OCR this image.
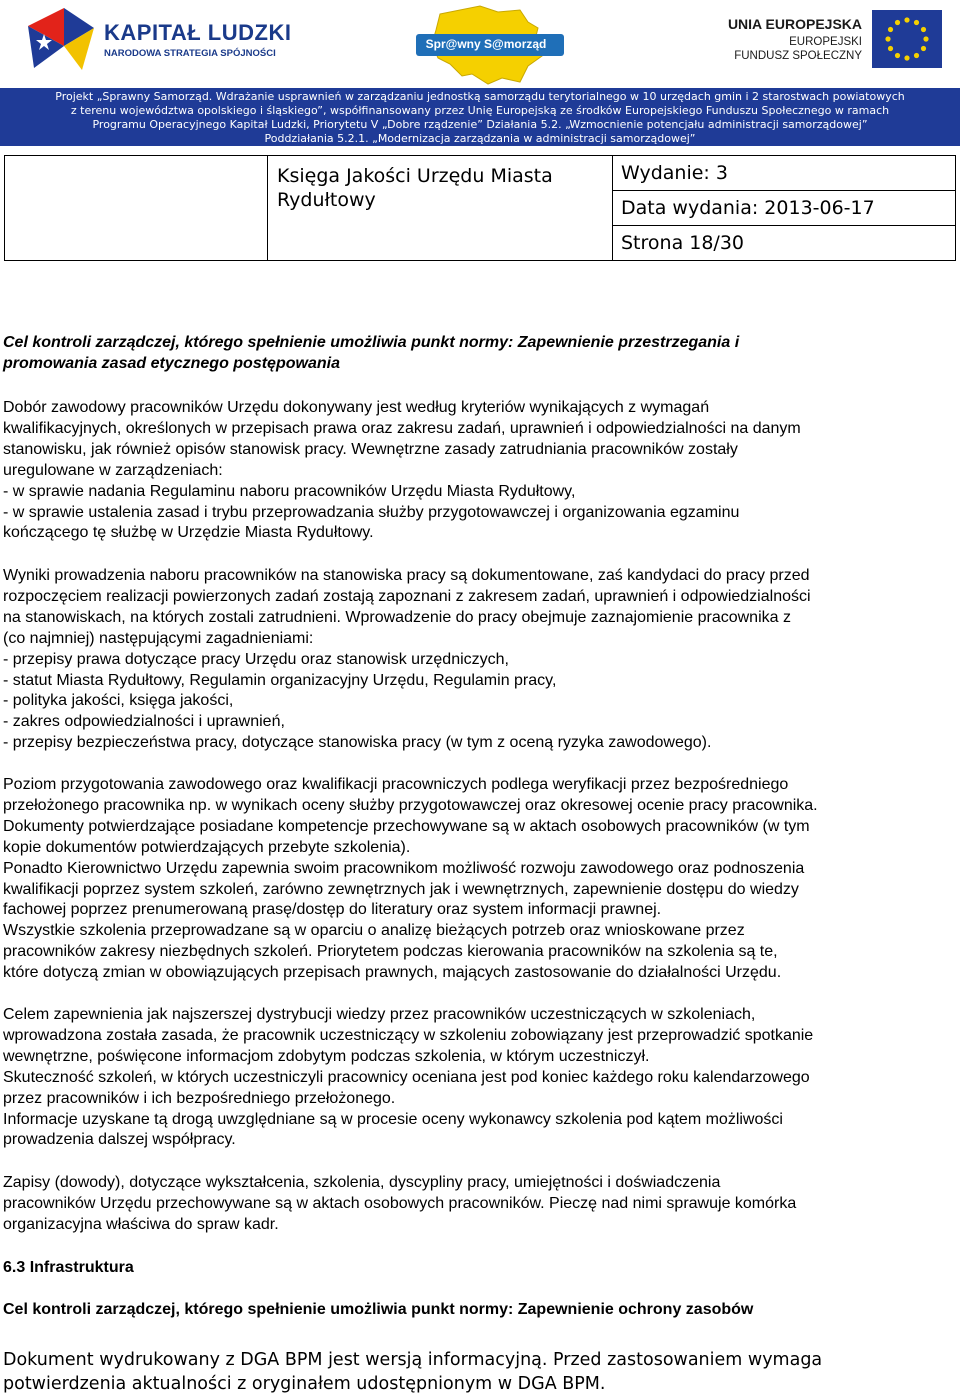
KAPITAŁ LUDZKI
NARODOWA STRATEGIA SPÓJNOŚCI
Spr@wny S@morząd
UNIA EUROPEJSKA
EUROPEJSKI
FUNDUSZ SPOŁECZNY
Projekt „Sprawny Samorząd. Wdrażanie usprawnień w zarządzaniu jednostką samorządu terytorialnego w 10 urzędach gmin i 2 starostwach powiatowych
z terenu województwa opolskiego i śląskiego”, współfinansowany przez Unię Europejską ze środków Europejskiego Funduszu Społecznego w ramach
Programu Operacyjnego Kapitał Ludzki, Priorytetu V „Dobre rządzenie” Działania 5.2. „Wzmocnienie potencjału administracji samorządowej”
Poddziałania 5.2.1. „Modernizacja zarządzania w administracji samorządowej”
Księga Jakości Urzędu Miasta Rydułtowy
Wydanie: 3
Data wydania: 2013-06-17
Strona 18/30
Cel kontroli zarządczej, którego spełnienie umożliwia punkt normy: Zapewnienie przestrzegania i
promowania zasad etycznego postępowania
Dobór zawodowy pracowników Urzędu dokonywany jest według kryteriów wynikających z wymagań
kwalifikacyjnych, określonych w przepisach prawa oraz zakresu zadań, uprawnień i odpowiedzialności na danym
stanowisku, jak również opisów stanowisk pracy. Wewnętrzne zasady zatrudniania pracowników zostały
uregulowane w zarządzeniach:
- w sprawie nadania Regulaminu naboru pracowników Urzędu Miasta Rydułtowy,
- w sprawie ustalenia zasad i trybu przeprowadzania służby przygotowawczej i organizowania egzaminu
kończącego tę służbę w Urzędzie Miasta Rydułtowy.
Wyniki prowadzenia naboru pracowników na stanowiska pracy są dokumentowane, zaś kandydaci do pracy przed
rozpoczęciem realizacji powierzonych zadań zostają zapoznani z zakresem zadań, uprawnień i odpowiedzialności
na stanowiskach, na których zostali zatrudnieni. Wprowadzenie do pracy obejmuje zaznajomienie pracownika z
(co najmniej) następującymi zagadnieniami:
- przepisy prawa dotyczące pracy Urzędu oraz stanowisk urzędniczych,
- statut Miasta Rydułtowy, Regulamin organizacyjny Urzędu, Regulamin pracy,
- polityka jakości, księga jakości,
- zakres odpowiedzialności i uprawnień,
- przepisy bezpieczeństwa pracy, dotyczące stanowiska pracy (w tym z oceną ryzyka zawodowego).
Poziom przygotowania zawodowego oraz kwalifikacji pracowniczych podlega weryfikacji przez bezpośredniego
przełożonego pracownika np. w wynikach oceny służby przygotowawczej oraz okresowej ocenie pracy pracownika.
Dokumenty potwierdzające posiadane kompetencje przechowywane są w aktach osobowych pracowników (w tym
kopie dokumentów potwierdzających przebyte szkolenia).
Ponadto Kierownictwo Urzędu zapewnia swoim pracownikom możliwość rozwoju zawodowego oraz podnoszenia
kwalifikacji poprzez system szkoleń, zarówno zewnętrznych jak i wewnętrznych, zapewnienie dostępu do wiedzy
fachowej poprzez prenumerowaną prasę/dostęp do literatury oraz system informacji prawnej.
Wszystkie szkolenia przeprowadzane są w oparciu o analizę bieżących potrzeb oraz wnioskowane przez
pracowników zakresy niezbędnych szkoleń. Priorytetem podczas kierowania pracowników na szkolenia są te,
które dotyczą zmian w obowiązujących przepisach prawnych, mających zastosowanie do działalności Urzędu.
Celem zapewnienia jak najszerszej dystrybucji wiedzy przez pracowników uczestniczących w szkoleniach,
wprowadzona została zasada, że pracownik uczestniczący w szkoleniu zobowiązany jest przeprowadzić spotkanie
wewnętrzne, poświęcone informacjom zdobytym podczas szkolenia, w którym uczestniczył.
Skuteczność szkoleń, w których uczestniczyli pracownicy oceniana jest pod koniec każdego roku kalendarzowego
przez pracowników i ich bezpośredniego przełożonego.
Informacje uzyskane tą drogą uwzględniane są w procesie oceny wykonawcy szkolenia pod kątem możliwości
prowadzenia dalszej współpracy.
Zapisy (dowody), dotyczące wykształcenia, szkolenia, dyscypliny pracy, umiejętności i doświadczenia
pracowników Urzędu przechowywane są w aktach osobowych pracowników. Pieczę nad nimi sprawuje komórka
organizacyjna właściwa do spraw kadr.
6.3 Infrastruktura
Cel kontroli zarządczej, którego spełnienie umożliwia punkt normy: Zapewnienie ochrony zasobów
Dokument wydrukowany z DGA BPM jest wersją informacyjną. Przed zastosowaniem wymaga
potwierdzenia aktualności z oryginałem udostępnionym w DGA BPM.
